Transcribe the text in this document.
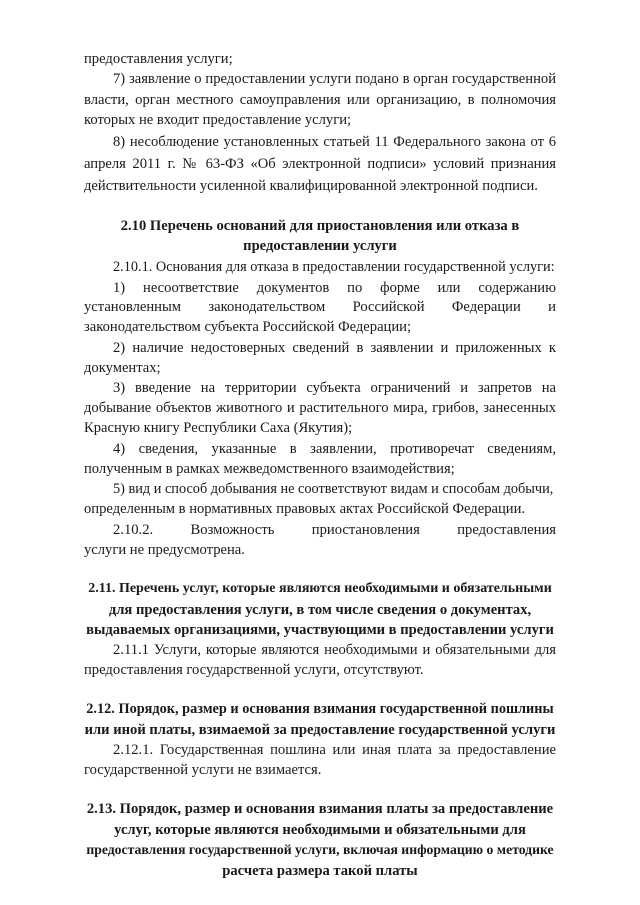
предоставления услуги;
7) заявление о предоставлении услуги подано в орган государственной
власти, орган местного самоуправления или организацию, в полномочия
которых не входит предоставление услуги;
8) несоблюдение установленных статьей 11 Федерального закона от 6
апреля 2011 г. № 63-ФЗ «Об электронной подписи» условий признания
действительности усиленной квалифицированной электронной подписи.
2.10 Перечень оснований для приостановления или отказа в
предоставлении услуги
2.10.1. Основания для отказа в предоставлении государственной услуги:
1) несоответствие документов по форме или содержанию
установленным законодательством Российской Федерации и
законодательством субъекта Российской Федерации;
2) наличие недостоверных сведений в заявлении и приложенных к
документах;
3) введение на территории субъекта ограничений и запретов на
добывание объектов животного и растительного мира, грибов, занесенных
Красную книгу Республики Саха (Якутия);
4) сведения, указанные в заявлении, противоречат сведениям,
полученным в рамках межведомственного взаимодействия;
5) вид и способ добывания не соответствуют видам и способам добычи,
определенным в нормативных правовых актах Российской Федерации.
2.10.2. Возможность приостановления предоставления
услуги не предусмотрена.
2.11. Перечень услуг, которые являются необходимыми и обязательными
для предоставления услуги, в том числе сведения о документах,
выдаваемых организациями, участвующими в предоставлении услуги
2.11.1 Услуги, которые являются необходимыми и обязательными для
предоставления государственной услуги, отсутствуют.
2.12. Порядок, размер и основания взимания государственной пошлины
или иной платы, взимаемой за предоставление государственной услуги
2.12.1. Государственная пошлина или иная плата за предоставление
государственной услуги не взимается.
2.13. Порядок, размер и основания взимания платы за предоставление
услуг, которые являются необходимыми и обязательными для
предоставления государственной услуги, включая информацию о методике
расчета размера такой платы
